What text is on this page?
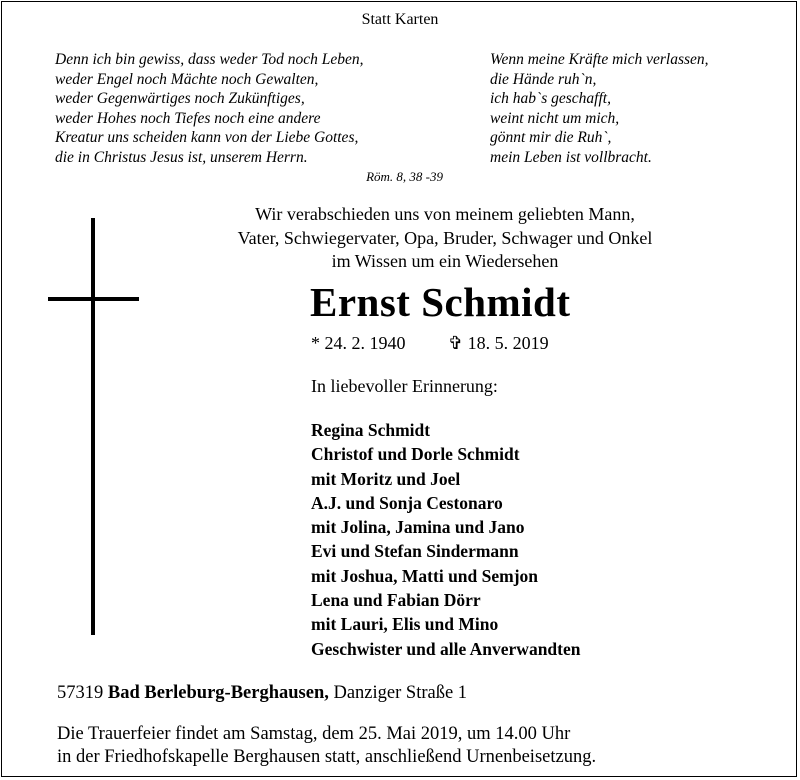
Statt Karten
Denn ich bin gewiss, dass weder Tod noch Leben,
weder Engel noch Mächte noch Gewalten,
weder Gegenwärtiges noch Zukünftiges,
weder Hohes noch Tiefes noch eine andere
Kreatur uns scheiden kann von der Liebe Gottes,
die in Christus Jesus ist, unserem Herrn.
Röm. 8, 38 -39
Wenn meine Kräfte mich verlassen,
die Hände ruh`n,
ich hab`s geschafft,
weint nicht um mich,
gönnt mir die Ruh`,
mein Leben ist vollbracht.
Wir verabschieden uns von meinem geliebten Mann,
Vater, Schwiegervater, Opa, Bruder, Schwager und Onkel
im Wissen um ein Wiedersehen
Ernst Schmidt
* 24. 2. 1940 ✞ 18. 5. 2019
In liebevoller Erinnerung:
Regina Schmidt
Christof und Dorle Schmidt
mit Moritz und Joel
A.J. und Sonja Cestonaro
mit Jolina, Jamina und Jano
Evi und Stefan Sindermann
mit Joshua, Matti und Semjon
Lena und Fabian Dörr
mit Lauri, Elis und Mino
Geschwister und alle Anverwandten
57319 Bad Berleburg-Berghausen, Danziger Straße 1
Die Trauerfeier findet am Samstag, dem 25. Mai 2019, um 14.00 Uhr
in der Friedhofskapelle Berghausen statt, anschließend Urnenbeisetzung.
